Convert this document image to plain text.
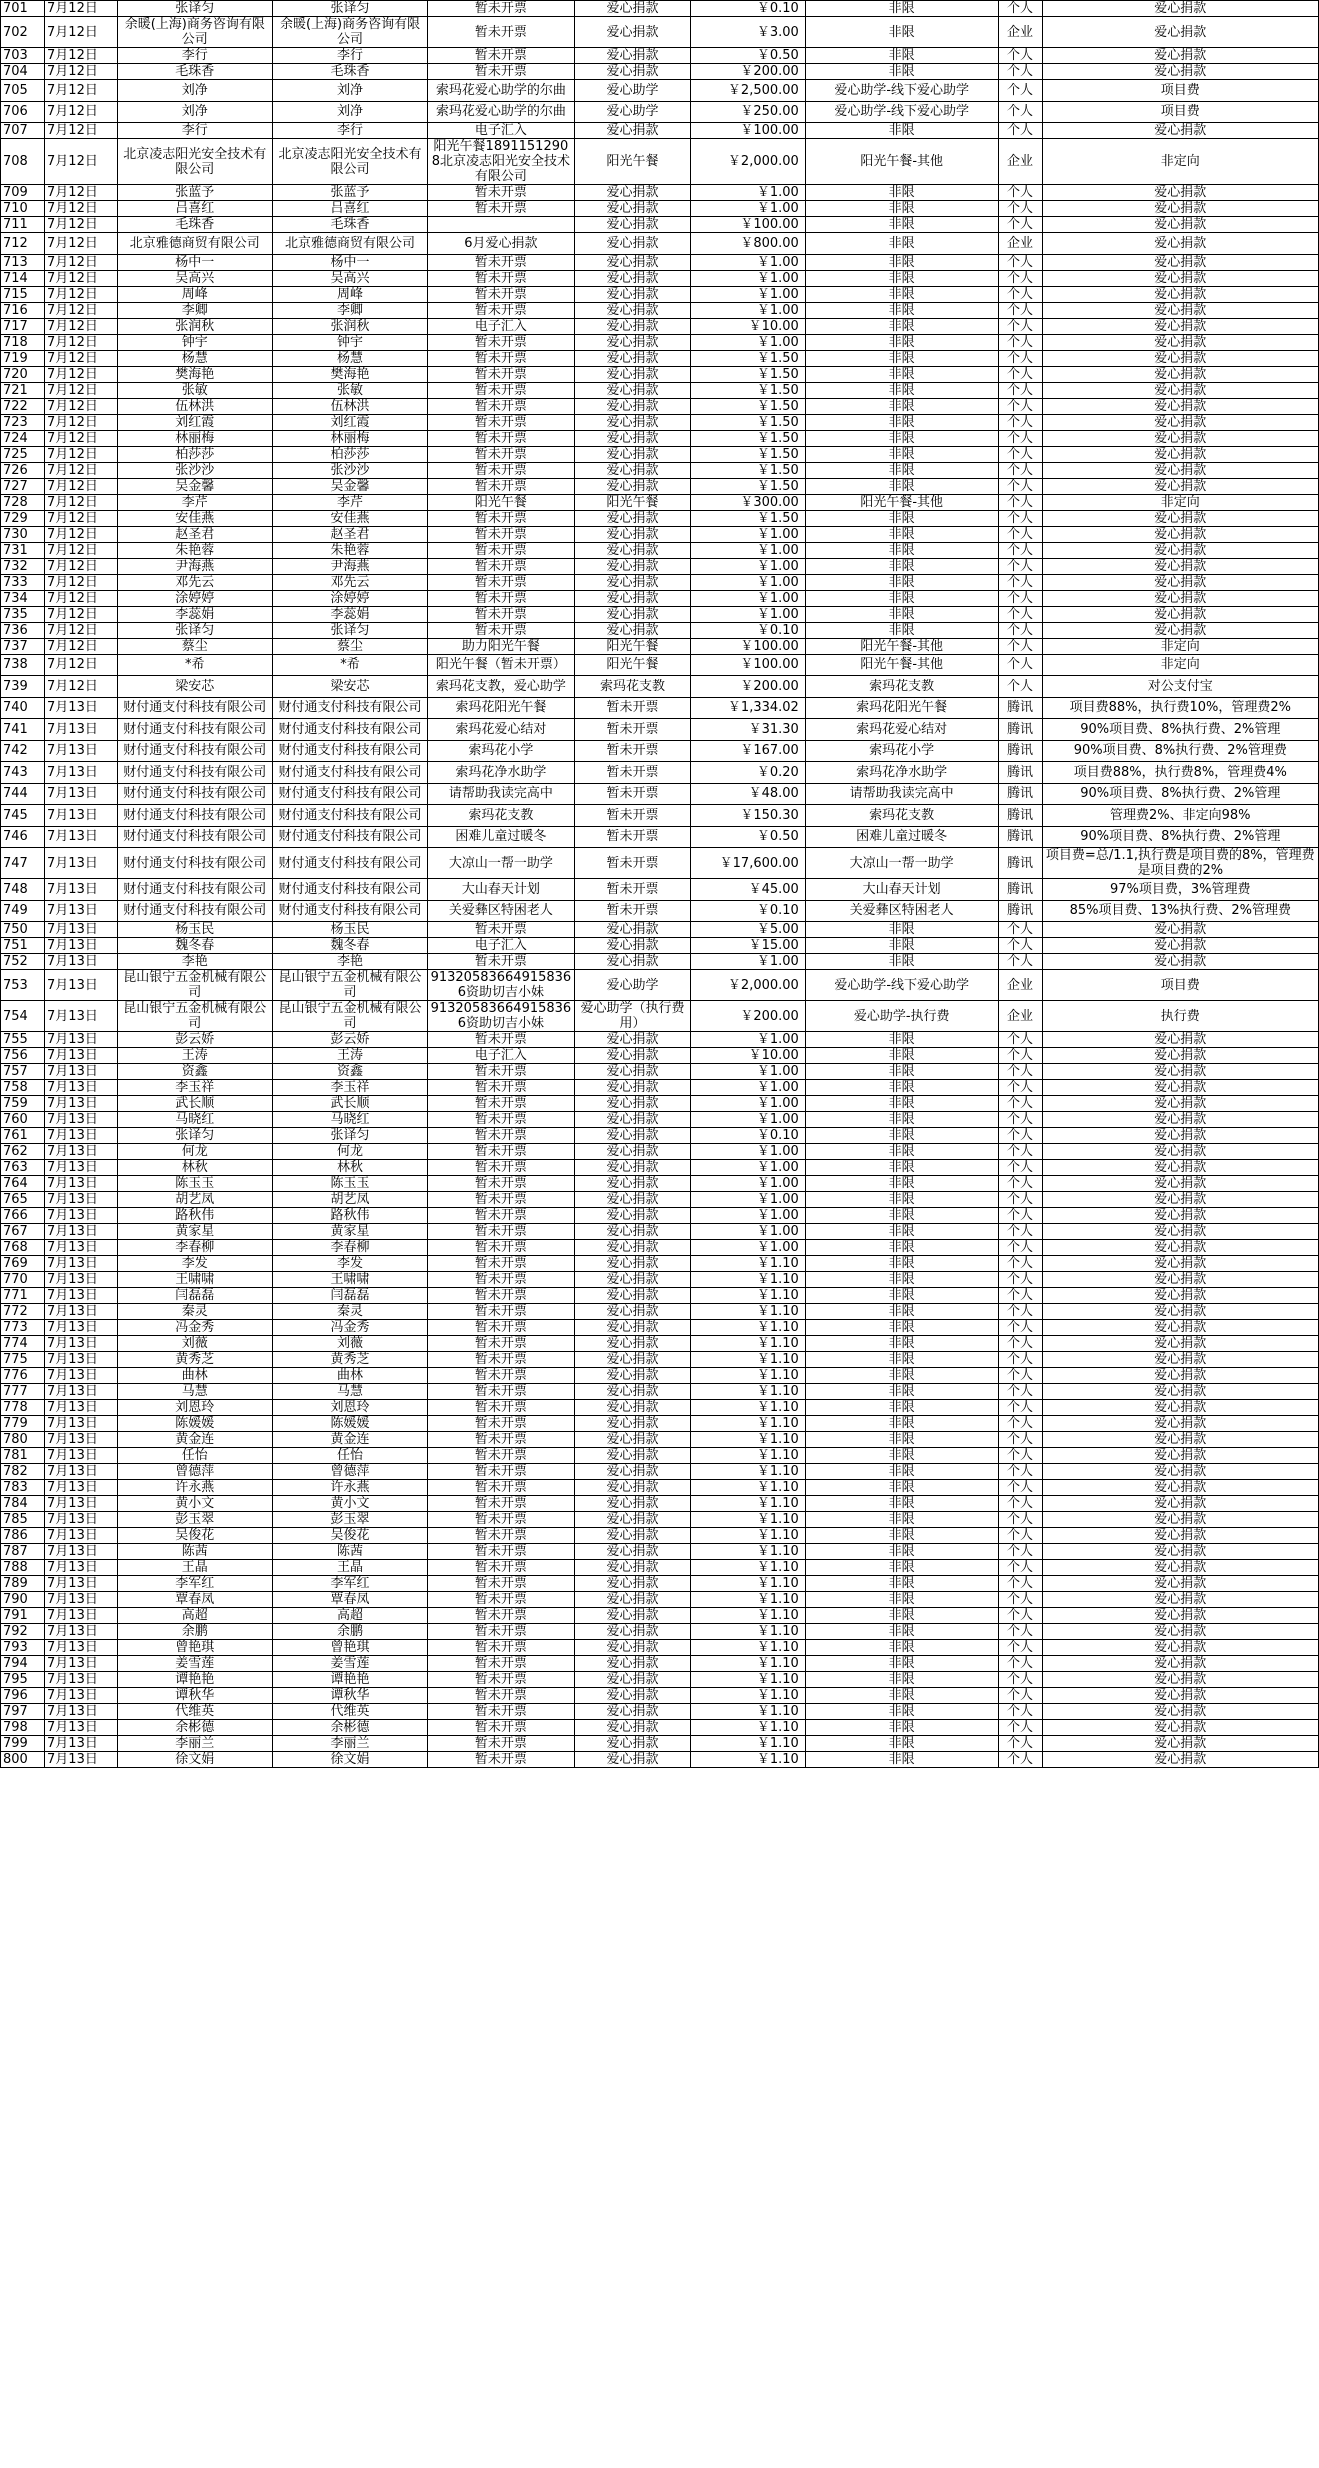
701	7月12日	张译匀	张译匀	暂未开票	爱心捐款	￥0.10	非限	个人	爱心捐款
702	7月12日	余暖(上海)商务咨询有限公司	余暖(上海)商务咨询有限公司	暂未开票	爱心捐款	￥3.00	非限	企业	爱心捐款
703	7月12日	李行	李行	暂未开票	爱心捐款	￥0.50	非限	个人	爱心捐款
704	7月12日	毛珠香	毛珠香	暂未开票	爱心捐款	￥200.00	非限	个人	爱心捐款
705	7月12日	刘净	刘净	索玛花爱心助学的尔曲	爱心助学	￥2,500.00	爱心助学-线下爱心助学	个人	项目费
706	7月12日	刘净	刘净	索玛花爱心助学的尔曲	爱心助学	￥250.00	爱心助学-线下爱心助学	个人	项目费
707	7月12日	李行	李行	电子汇入	爱心捐款	￥100.00	非限	个人	爱心捐款
708	7月12日	北京凌志阳光安全技术有限公司	北京凌志阳光安全技术有限公司	阳光午餐18911512908北京凌志阳光安全技术有限公司	阳光午餐	￥2,000.00	阳光午餐-其他	企业	非定向
709	7月12日	张蓝予	张蓝予	暂未开票	爱心捐款	￥1.00	非限	个人	爱心捐款
710	7月12日	吕喜红	吕喜红	暂未开票	爱心捐款	￥1.00	非限	个人	爱心捐款
711	7月12日	毛珠香	毛珠香		爱心捐款	￥100.00	非限	个人	爱心捐款
712	7月12日	北京雅德商贸有限公司	北京雅德商贸有限公司	6月爱心捐款	爱心捐款	￥800.00	非限	企业	爱心捐款
713	7月12日	杨中一	杨中一	暂未开票	爱心捐款	￥1.00	非限	个人	爱心捐款
714	7月12日	吴高兴	吴高兴	暂未开票	爱心捐款	￥1.00	非限	个人	爱心捐款
715	7月12日	周峰	周峰	暂未开票	爱心捐款	￥1.00	非限	个人	爱心捐款
716	7月12日	李卿	李卿	暂未开票	爱心捐款	￥1.00	非限	个人	爱心捐款
717	7月12日	张润秋	张润秋	电子汇入	爱心捐款	￥10.00	非限	个人	爱心捐款
718	7月12日	钟宇	钟宇	暂未开票	爱心捐款	￥1.00	非限	个人	爱心捐款
719	7月12日	杨慧	杨慧	暂未开票	爱心捐款	￥1.50	非限	个人	爱心捐款
720	7月12日	樊海艳	樊海艳	暂未开票	爱心捐款	￥1.50	非限	个人	爱心捐款
721	7月12日	张敏	张敏	暂未开票	爱心捐款	￥1.50	非限	个人	爱心捐款
722	7月12日	伍林洪	伍林洪	暂未开票	爱心捐款	￥1.50	非限	个人	爱心捐款
723	7月12日	刘红霞	刘红霞	暂未开票	爱心捐款	￥1.50	非限	个人	爱心捐款
724	7月12日	林丽梅	林丽梅	暂未开票	爱心捐款	￥1.50	非限	个人	爱心捐款
725	7月12日	柏莎莎	柏莎莎	暂未开票	爱心捐款	￥1.50	非限	个人	爱心捐款
726	7月12日	张沙沙	张沙沙	暂未开票	爱心捐款	￥1.50	非限	个人	爱心捐款
727	7月12日	吴金馨	吴金馨	暂未开票	爱心捐款	￥1.50	非限	个人	爱心捐款
728	7月12日	李芹	李芹	阳光午餐	阳光午餐	￥300.00	阳光午餐-其他	个人	非定向
729	7月12日	安佳燕	安佳燕	暂未开票	爱心捐款	￥1.50	非限	个人	爱心捐款
730	7月12日	赵圣君	赵圣君	暂未开票	爱心捐款	￥1.00	非限	个人	爱心捐款
731	7月12日	朱艳蓉	朱艳蓉	暂未开票	爱心捐款	￥1.00	非限	个人	爱心捐款
732	7月12日	尹海燕	尹海燕	暂未开票	爱心捐款	￥1.00	非限	个人	爱心捐款
733	7月12日	邓先云	邓先云	暂未开票	爱心捐款	￥1.00	非限	个人	爱心捐款
734	7月12日	涂婷婷	涂婷婷	暂未开票	爱心捐款	￥1.00	非限	个人	爱心捐款
735	7月12日	李蕊娟	李蕊娟	暂未开票	爱心捐款	￥1.00	非限	个人	爱心捐款
736	7月12日	张译匀	张译匀	暂未开票	爱心捐款	￥0.10	非限	个人	爱心捐款
737	7月12日	蔡尘	蔡尘	助力阳光午餐	阳光午餐	￥100.00	阳光午餐-其他	个人	非定向
738	7月12日	*希	*希	阳光午餐（暂未开票）	阳光午餐	￥100.00	阳光午餐-其他	个人	非定向
739	7月12日	梁安芯	梁安芯	索玛花支教，爱心助学	索玛花支教	￥200.00	索玛花支教	个人	对公支付宝
740	7月13日	财付通支付科技有限公司	财付通支付科技有限公司	索玛花阳光午餐	暂未开票	￥1,334.02	索玛花阳光午餐	腾讯	项目费88%，执行费10%，管理费2%
741	7月13日	财付通支付科技有限公司	财付通支付科技有限公司	索玛花爱心结对	暂未开票	￥31.30	索玛花爱心结对	腾讯	90%项目费、8%执行费、2%管理
742	7月13日	财付通支付科技有限公司	财付通支付科技有限公司	索玛花小学	暂未开票	￥167.00	索玛花小学	腾讯	90%项目费、8%执行费、2%管理费
743	7月13日	财付通支付科技有限公司	财付通支付科技有限公司	索玛花净水助学	暂未开票	￥0.20	索玛花净水助学	腾讯	项目费88%，执行费8%，管理费4%
744	7月13日	财付通支付科技有限公司	财付通支付科技有限公司	请帮助我读完高中	暂未开票	￥48.00	请帮助我读完高中	腾讯	90%项目费、8%执行费、2%管理
745	7月13日	财付通支付科技有限公司	财付通支付科技有限公司	索玛花支教	暂未开票	￥150.30	索玛花支教	腾讯	管理费2%、非定向98%
746	7月13日	财付通支付科技有限公司	财付通支付科技有限公司	困难儿童过暖冬	暂未开票	￥0.50	困难儿童过暖冬	腾讯	90%项目费、8%执行费、2%管理
747	7月13日	财付通支付科技有限公司	财付通支付科技有限公司	大凉山一帮一助学	暂未开票	￥17,600.00	大凉山一帮一助学	腾讯	项目费=总/1.1,执行费是项目费的8%，管理费是项目费的2%
748	7月13日	财付通支付科技有限公司	财付通支付科技有限公司	大山春天计划	暂未开票	￥45.00	大山春天计划	腾讯	97%项目费，3%管理费
749	7月13日	财付通支付科技有限公司	财付通支付科技有限公司	关爱彝区特困老人	暂未开票	￥0.10	关爱彝区特困老人	腾讯	85%项目费、13%执行费、2%管理费
750	7月13日	杨玉民	杨玉民	暂未开票	爱心捐款	￥5.00	非限	个人	爱心捐款
751	7月13日	魏冬春	魏冬春	电子汇入	爱心捐款	￥15.00	非限	个人	爱心捐款
752	7月13日	李艳	李艳	暂未开票	爱心捐款	￥1.00	非限	个人	爱心捐款
753	7月13日	昆山银宁五金机械有限公司	昆山银宁五金机械有限公司	913205836649158366资助切吉小妹	爱心助学	￥2,000.00	爱心助学-线下爱心助学	企业	项目费
754	7月13日	昆山银宁五金机械有限公司	昆山银宁五金机械有限公司	913205836649158366资助切吉小妹	爱心助学（执行费用）	￥200.00	爱心助学-执行费	企业	执行费
755	7月13日	彭云娇	彭云娇	暂未开票	爱心捐款	￥1.00	非限	个人	爱心捐款
756	7月13日	王涛	王涛	电子汇入	爱心捐款	￥10.00	非限	个人	爱心捐款
757	7月13日	资鑫	资鑫	暂未开票	爱心捐款	￥1.00	非限	个人	爱心捐款
758	7月13日	李玉祥	李玉祥	暂未开票	爱心捐款	￥1.00	非限	个人	爱心捐款
759	7月13日	武长顺	武长顺	暂未开票	爱心捐款	￥1.00	非限	个人	爱心捐款
760	7月13日	马晓红	马晓红	暂未开票	爱心捐款	￥1.00	非限	个人	爱心捐款
761	7月13日	张译匀	张译匀	暂未开票	爱心捐款	￥0.10	非限	个人	爱心捐款
762	7月13日	何龙	何龙	暂未开票	爱心捐款	￥1.00	非限	个人	爱心捐款
763	7月13日	林秋	林秋	暂未开票	爱心捐款	￥1.00	非限	个人	爱心捐款
764	7月13日	陈玉玉	陈玉玉	暂未开票	爱心捐款	￥1.00	非限	个人	爱心捐款
765	7月13日	胡艺凤	胡艺凤	暂未开票	爱心捐款	￥1.00	非限	个人	爱心捐款
766	7月13日	路秋伟	路秋伟	暂未开票	爱心捐款	￥1.00	非限	个人	爱心捐款
767	7月13日	黄家星	黄家星	暂未开票	爱心捐款	￥1.00	非限	个人	爱心捐款
768	7月13日	李春柳	李春柳	暂未开票	爱心捐款	￥1.00	非限	个人	爱心捐款
769	7月13日	李发	李发	暂未开票	爱心捐款	￥1.10	非限	个人	爱心捐款
770	7月13日	王啸啸	王啸啸	暂未开票	爱心捐款	￥1.10	非限	个人	爱心捐款
771	7月13日	闫磊磊	闫磊磊	暂未开票	爱心捐款	￥1.10	非限	个人	爱心捐款
772	7月13日	秦灵	秦灵	暂未开票	爱心捐款	￥1.10	非限	个人	爱心捐款
773	7月13日	冯金秀	冯金秀	暂未开票	爱心捐款	￥1.10	非限	个人	爱心捐款
774	7月13日	刘薇	刘薇	暂未开票	爱心捐款	￥1.10	非限	个人	爱心捐款
775	7月13日	黄秀芝	黄秀芝	暂未开票	爱心捐款	￥1.10	非限	个人	爱心捐款
776	7月13日	曲林	曲林	暂未开票	爱心捐款	￥1.10	非限	个人	爱心捐款
777	7月13日	马慧	马慧	暂未开票	爱心捐款	￥1.10	非限	个人	爱心捐款
778	7月13日	刘恩玲	刘恩玲	暂未开票	爱心捐款	￥1.10	非限	个人	爱心捐款
779	7月13日	陈媛媛	陈媛媛	暂未开票	爱心捐款	￥1.10	非限	个人	爱心捐款
780	7月13日	黄金连	黄金连	暂未开票	爱心捐款	￥1.10	非限	个人	爱心捐款
781	7月13日	任怡	任怡	暂未开票	爱心捐款	￥1.10	非限	个人	爱心捐款
782	7月13日	曾德萍	曾德萍	暂未开票	爱心捐款	￥1.10	非限	个人	爱心捐款
783	7月13日	许永燕	许永燕	暂未开票	爱心捐款	￥1.10	非限	个人	爱心捐款
784	7月13日	黄小文	黄小文	暂未开票	爱心捐款	￥1.10	非限	个人	爱心捐款
785	7月13日	彭玉翠	彭玉翠	暂未开票	爱心捐款	￥1.10	非限	个人	爱心捐款
786	7月13日	吴俊花	吴俊花	暂未开票	爱心捐款	￥1.10	非限	个人	爱心捐款
787	7月13日	陈茜	陈茜	暂未开票	爱心捐款	￥1.10	非限	个人	爱心捐款
788	7月13日	王晶	王晶	暂未开票	爱心捐款	￥1.10	非限	个人	爱心捐款
789	7月13日	李军红	李军红	暂未开票	爱心捐款	￥1.10	非限	个人	爱心捐款
790	7月13日	覃春凤	覃春凤	暂未开票	爱心捐款	￥1.10	非限	个人	爱心捐款
791	7月13日	高超	高超	暂未开票	爱心捐款	￥1.10	非限	个人	爱心捐款
792	7月13日	余鹏	余鹏	暂未开票	爱心捐款	￥1.10	非限	个人	爱心捐款
793	7月13日	曾艳琪	曾艳琪	暂未开票	爱心捐款	￥1.10	非限	个人	爱心捐款
794	7月13日	姜雪莲	姜雪莲	暂未开票	爱心捐款	￥1.10	非限	个人	爱心捐款
795	7月13日	谭艳艳	谭艳艳	暂未开票	爱心捐款	￥1.10	非限	个人	爱心捐款
796	7月13日	谭秋华	谭秋华	暂未开票	爱心捐款	￥1.10	非限	个人	爱心捐款
797	7月13日	代维英	代维英	暂未开票	爱心捐款	￥1.10	非限	个人	爱心捐款
798	7月13日	余彬德	余彬德	暂未开票	爱心捐款	￥1.10	非限	个人	爱心捐款
799	7月13日	李丽兰	李丽兰	暂未开票	爱心捐款	￥1.10	非限	个人	爱心捐款
800	7月13日	徐文娟	徐文娟	暂未开票	爱心捐款	￥1.10	非限	个人	爱心捐款
